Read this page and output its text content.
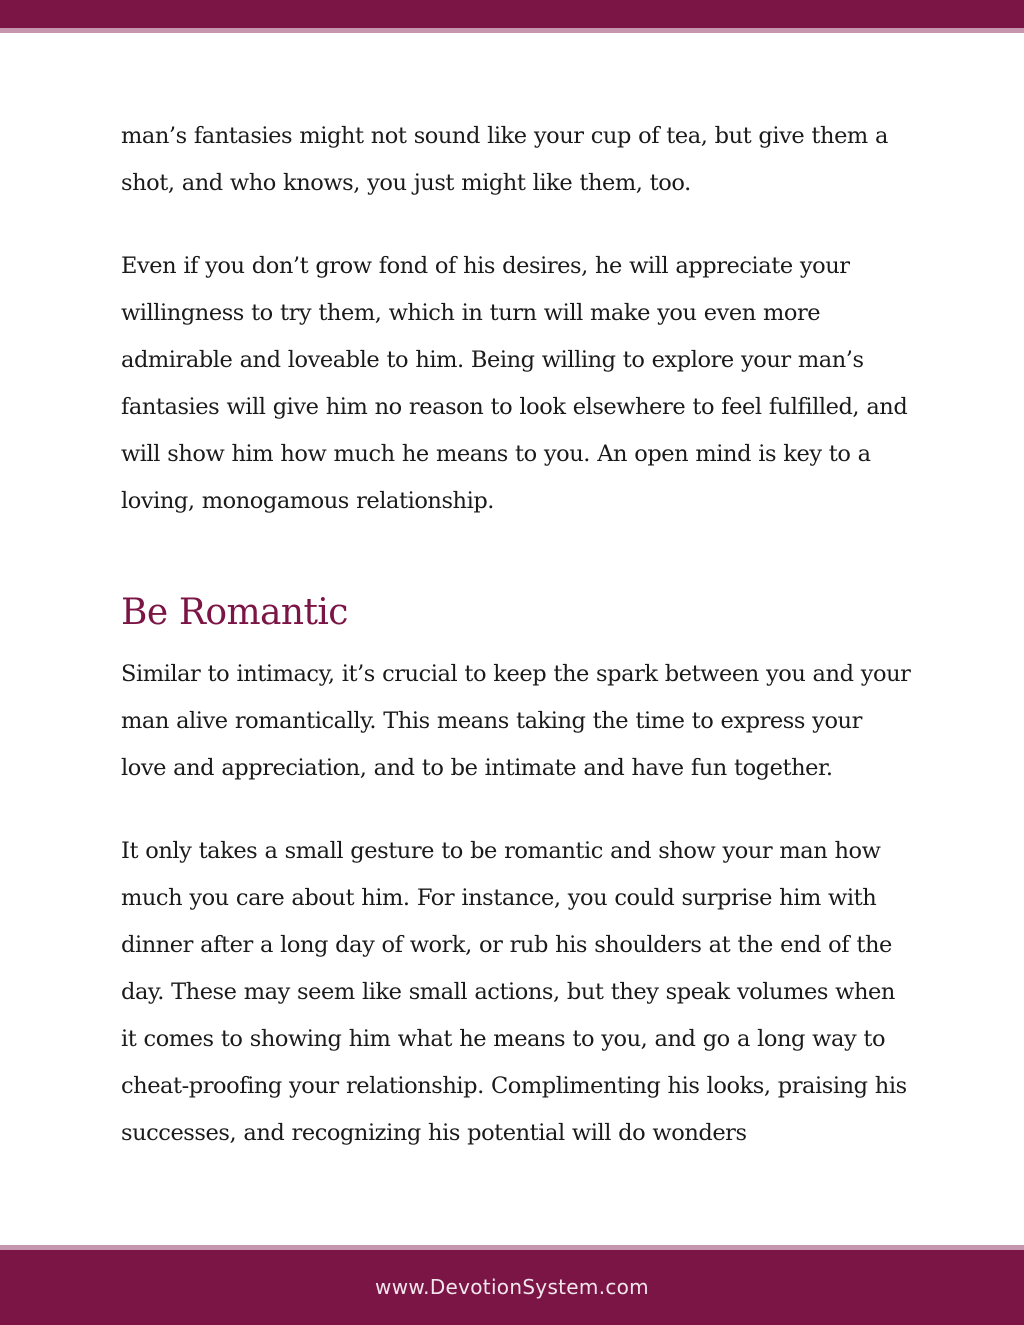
man’s fantasies might not sound like your cup of tea, but give them a shot, and who knows, you just might like them, too.

Even if you don’t grow fond of his desires, he will appreciate your willingness to try them, which in turn will make you even more admirable and loveable to him. Being willing to explore your man’s fantasies will give him no reason to look elsewhere to feel fulfilled, and will show him how much he means to you. An open mind is key to a loving, monogamous relationship.

Be Romantic

Similar to intimacy, it’s crucial to keep the spark between you and your man alive romantically. This means taking the time to express your love and appreciation, and to be intimate and have fun together.

It only takes a small gesture to be romantic and show your man how much you care about him. For instance, you could surprise him with dinner after a long day of work, or rub his shoulders at the end of the day. These may seem like small actions, but they speak volumes when it comes to showing him what he means to you, and go a long way to cheat-proofing your relationship. Complimenting his looks, praising his successes, and recognizing his potential will do wonders

www.DevotionSystem.com
